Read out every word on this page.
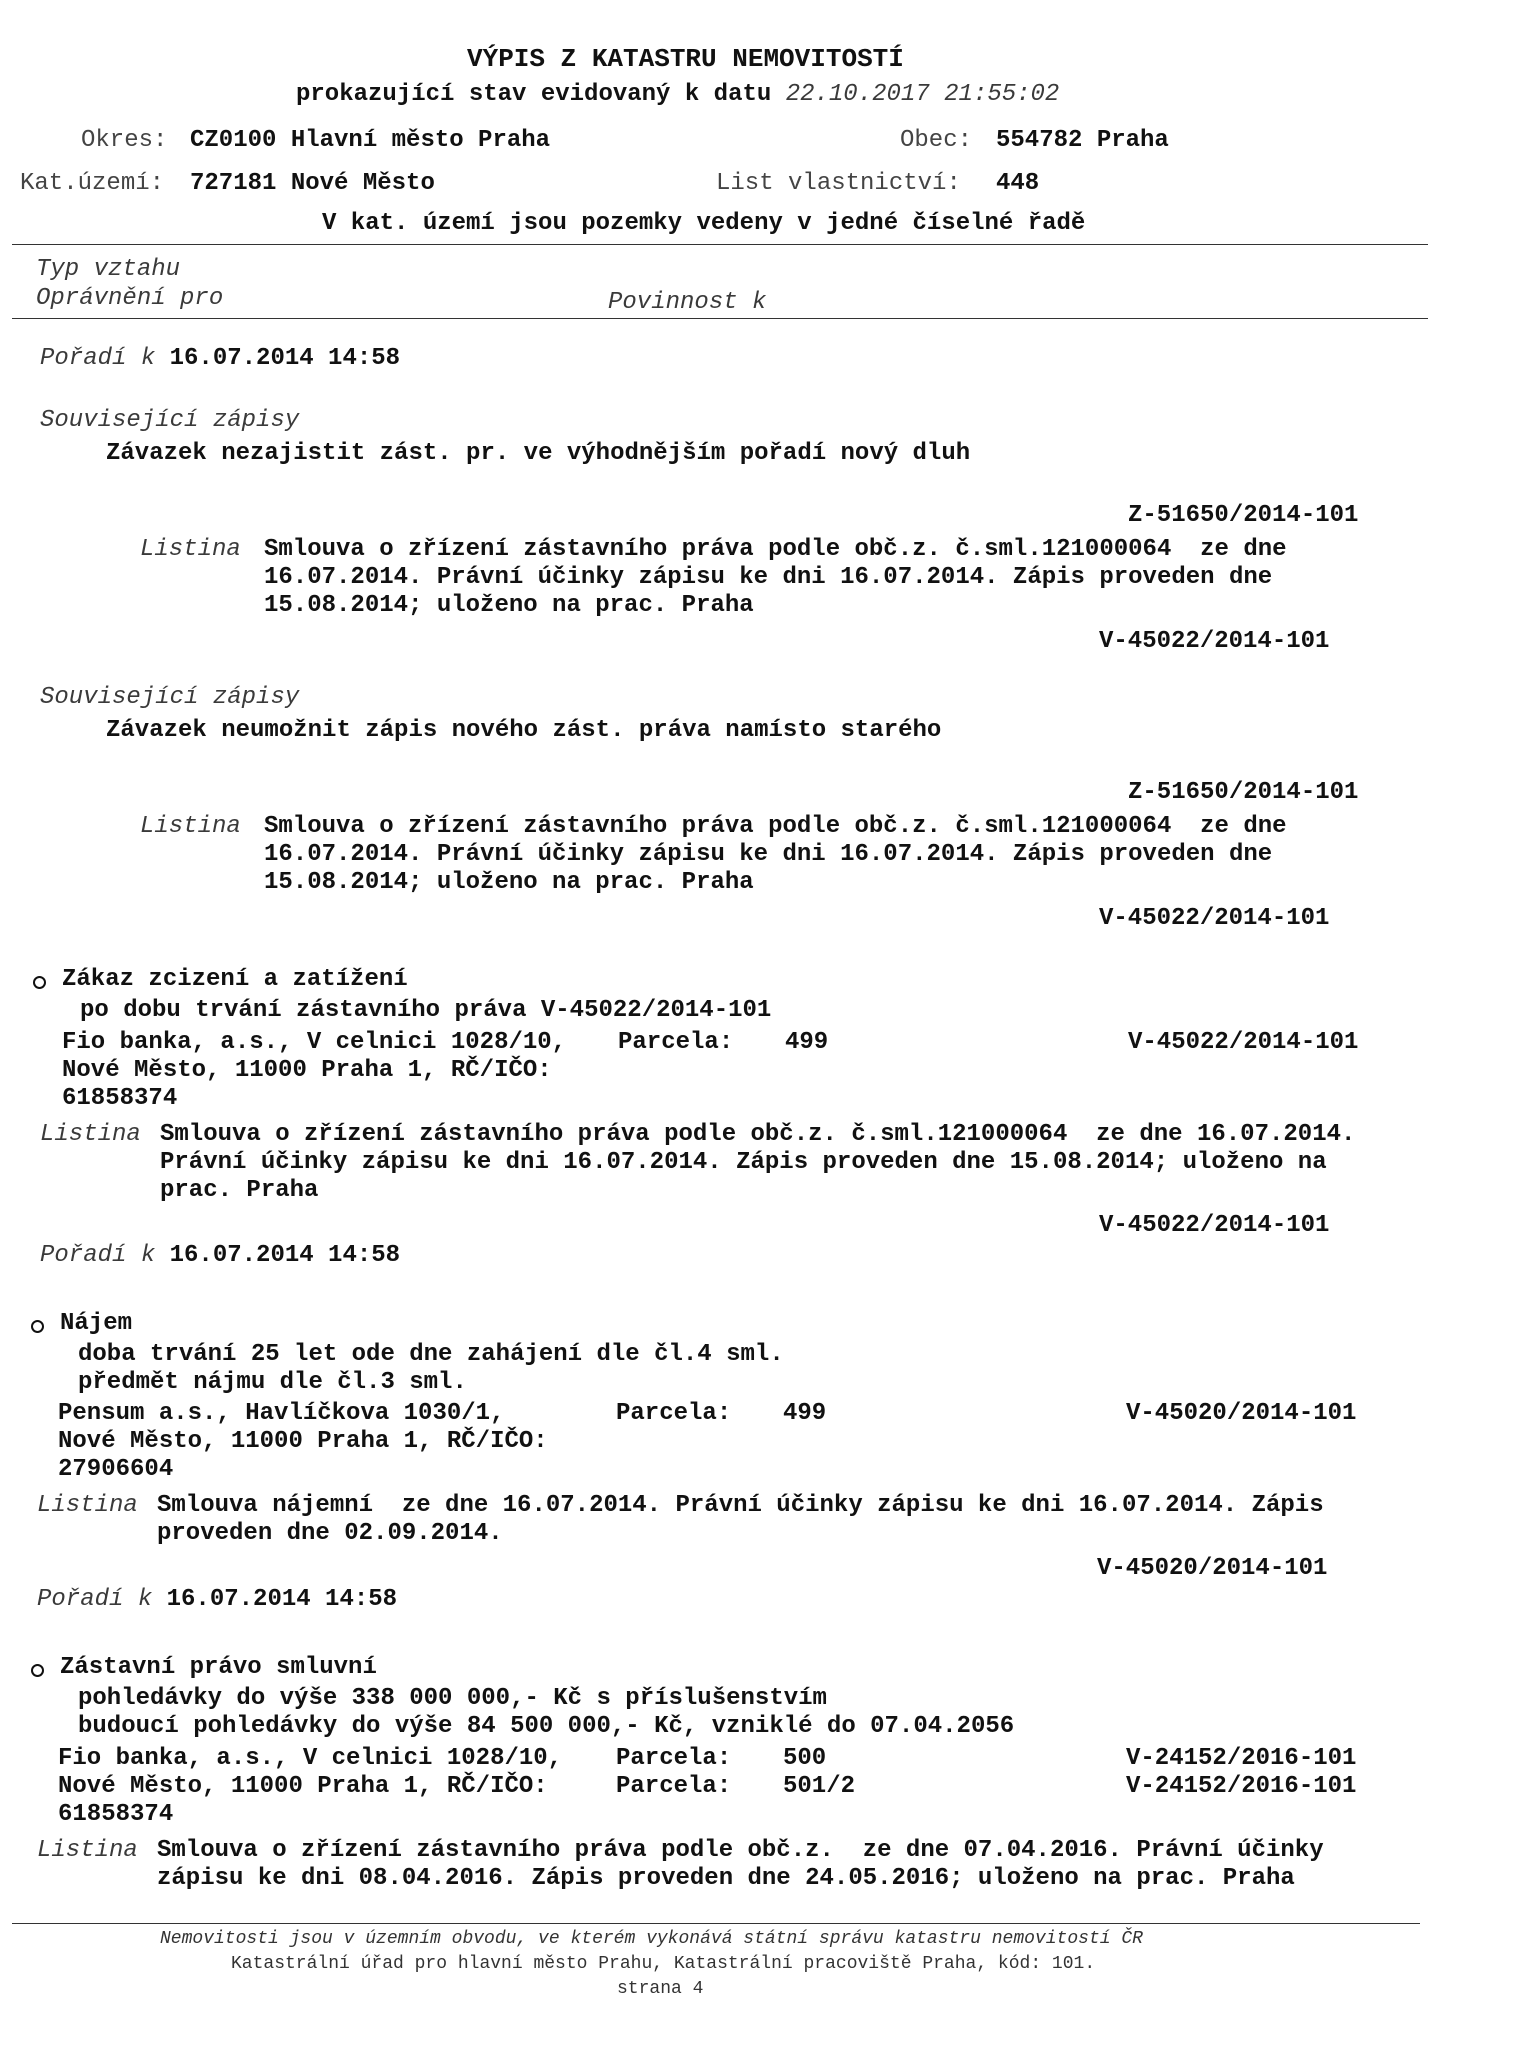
VÝPIS Z KATASTRU NEMOVITOSTÍ
prokazující stav evidovaný k datu 22.10.2017 21:55:02
Okres: CZ0100 Hlavní město Praha	Obec: 554782 Praha
Kat.území: 727181 Nové Město	List vlastnictví: 448
V kat. území jsou pozemky vedeny v jedné číselné řadě
Typ vztahu
Oprávnění pro	Povinnost k
Pořadí k 16.07.2014 14:58
Související zápisy
Závazek nezajistit zást. pr. ve výhodnějším pořadí nový dluh
Z-51650/2014-101
Listina Smlouva o zřízení zástavního práva podle obč.z. č.sml.121000064  ze dne
16.07.2014. Právní účinky zápisu ke dni 16.07.2014. Zápis proveden dne
15.08.2014; uloženo na prac. Praha
V-45022/2014-101
Související zápisy
Závazek neumožnit zápis nového zást. práva namísto starého
Z-51650/2014-101
Listina Smlouva o zřízení zástavního práva podle obč.z. č.sml.121000064  ze dne
16.07.2014. Právní účinky zápisu ke dni 16.07.2014. Zápis proveden dne
15.08.2014; uloženo na prac. Praha
V-45022/2014-101
Zákaz zcizení a zatížení
po dobu trvání zástavního práva V-45022/2014-101
Fio banka, a.s., V celnici 1028/10,
Nové Město, 11000 Praha 1, RČ/IČO:
61858374
Parcela: 499	V-45022/2014-101
Listina Smlouva o zřízení zástavního práva podle obč.z. č.sml.121000064  ze dne 16.07.2014.
Právní účinky zápisu ke dni 16.07.2014. Zápis proveden dne 15.08.2014; uloženo na
prac. Praha
V-45022/2014-101
Pořadí k 16.07.2014 14:58
Nájem
doba trvání 25 let ode dne zahájení dle čl.4 sml.
předmět nájmu dle čl.3 sml.
Pensum a.s., Havlíčkova 1030/1,
Nové Město, 11000 Praha 1, RČ/IČO:
27906604
Parcela: 499	V-45020/2014-101
Listina Smlouva nájemní  ze dne 16.07.2014. Právní účinky zápisu ke dni 16.07.2014. Zápis
proveden dne 02.09.2014.
V-45020/2014-101
Pořadí k 16.07.2014 14:58
Zástavní právo smluvní
pohledávky do výše 338 000 000,- Kč s příslušenstvím
budoucí pohledávky do výše 84 500 000,- Kč, vzniklé do 07.04.2056
Fio banka, a.s., V celnici 1028/10,
Nové Město, 11000 Praha 1, RČ/IČO:
61858374
Parcela: 500	V-24152/2016-101
Parcela: 501/2	V-24152/2016-101
Listina Smlouva o zřízení zástavního práva podle obč.z.  ze dne 07.04.2016. Právní účinky
zápisu ke dni 08.04.2016. Zápis proveden dne 24.05.2016; uloženo na prac. Praha
Nemovitosti jsou v územním obvodu, ve kterém vykonává státní správu katastru nemovitostí ČR
Katastrální úřad pro hlavní město Prahu, Katastrální pracoviště Praha, kód: 101.
strana 4
